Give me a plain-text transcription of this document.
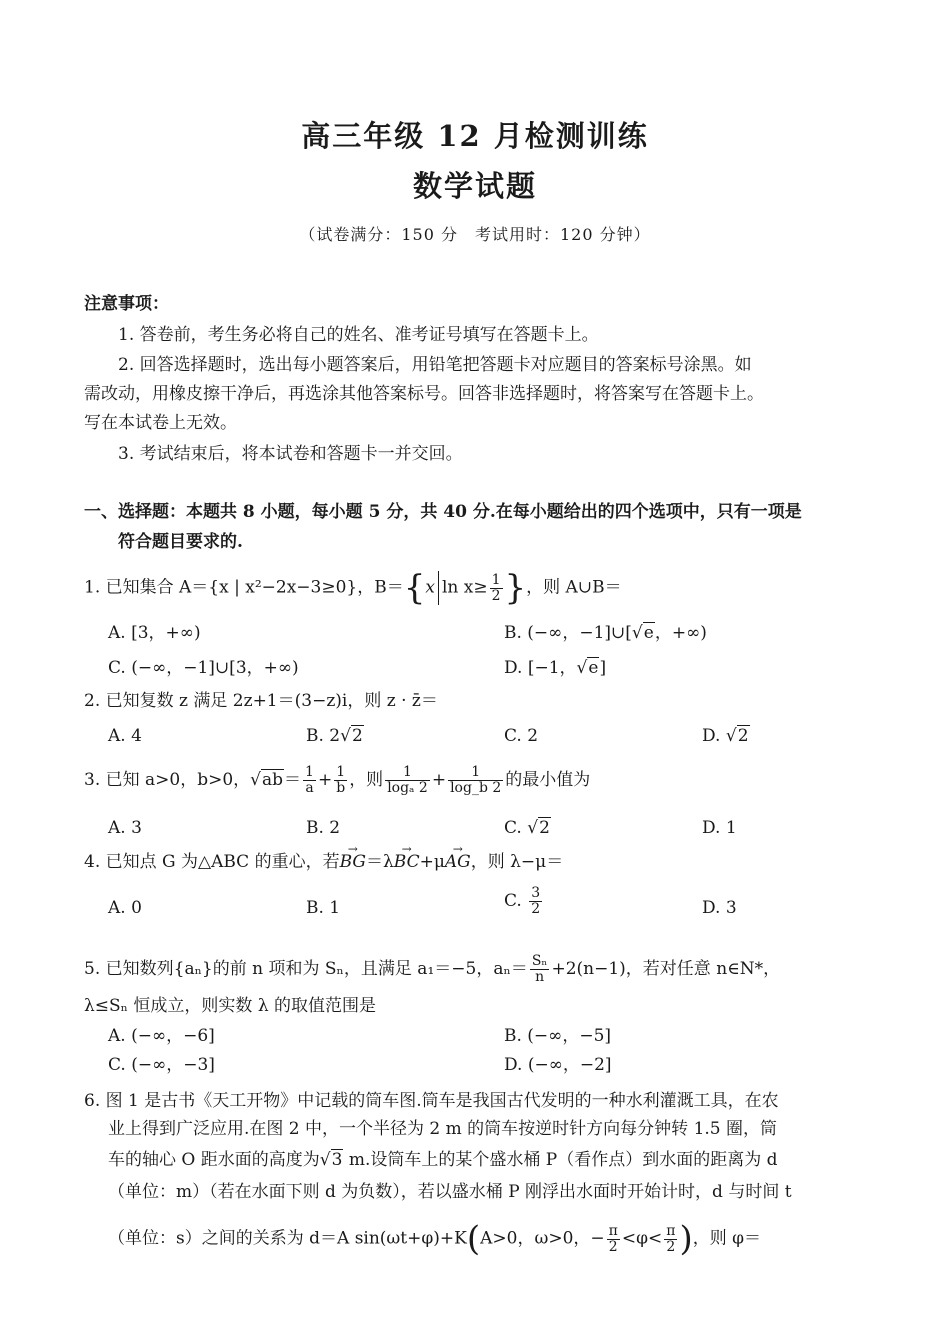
高三年级 12 月检测训练
数学试题
（试卷满分：150 分　考试用时：120 分钟）
注意事项：
1. 答卷前，考生务必将自己的姓名、准考证号填写在答题卡上。
2. 回答选择题时，选出每小题答案后，用铅笔把答题卡对应题目的答案标号涂黑。如
需改动，用橡皮擦干净后，再选涂其他答案标号。回答非选择题时，将答案写在答题卡上。
写在本试卷上无效。
3. 考试结束后，将本试卷和答题卡一并交回。
一、选择题：本题共 8 小题，每小题 5 分，共 40 分.在每小题给出的四个选项中，只有一项是
符合题目要求的.
1. 已知集合 A＝{x | x²−2x−3≥0}，B＝{x $\ln x\ge \frac{1}{2}$ }，则 A∪B＝
A. [3，+∞)	B. (−∞，−1]∪[√e，+∞)
C. (−∞，−1]∪[3，+∞)	D. [−1，√e]
2. 已知复数 z 满足 2z+1＝(3−z)i，则 z · z̄＝
A. 4	B. 2√2	C. 2	D. √2
3. 已知 a>0，b>0，$√ab= \frac{1}{a} + \frac{1}{b}$ ，则 $\frac{1}{\text{logₐ 2}} + \frac{1}{\log\_b 2}$ 的最小值为
A. 3	B. 2	C. √2	D. 1
4. 已知点 G 为△ABC 的重心，若→ BG＝λ→ BC+μ→ AG，则 λ−μ＝
A. 0	B. 1	C. $\frac{3}{2}$	D. 3
5. 已知数列{aₙ}的前 n 项和为 Sₙ，且满足 a₁＝−5，$a_n= \frac{\text{Sₙ}}{n} +2(n-1)$，若对任意 n∈N*，
λ≤Sₙ 恒成立，则实数 λ 的取值范围是
A. (−∞，−6]	B. (−∞，−5]
C. (−∞，−3]	D. (−∞，−2]
6. 图 1 是古书《天工开物》中记载的筒车图.筒车是我国古代发明的一种水利灌溉工具，在农
业上得到广泛应用.在图 2 中，一个半径为 2 m 的筒车按逆时针方向每分钟转 1.5 圈，筒
车的轴心 O 距水面的高度为√3 m.设筒车上的某个盛水桶 P（看作点）到水面的距离为 d
（单位：m）（若在水面下则 d 为负数），若以盛水桶 P 刚浮出水面时开始计时，d 与时间 t
（单位：s）之间的关系为 d＝A sin(ωt+φ)+K(A>0，ω>0，− $\frac{\pi}{2} <\varphi< \frac{\pi}{2}$ )，则 φ＝
